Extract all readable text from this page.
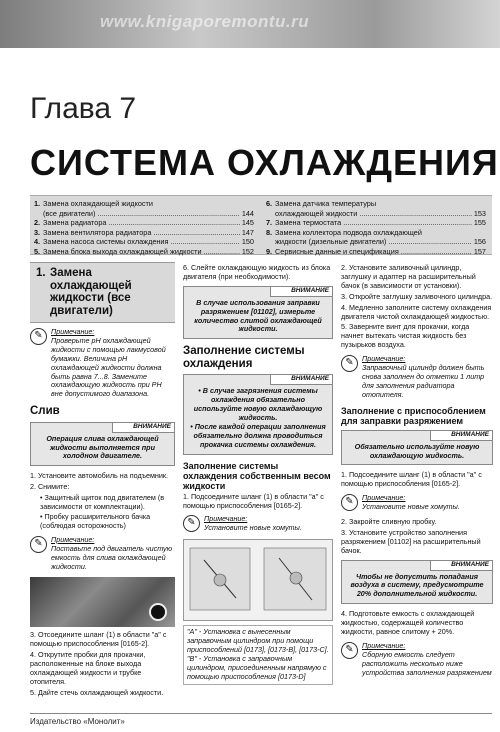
www.knigaporemontu.ru
Глава 7
СИСТЕМА ОХЛАЖДЕНИЯ
1. Замена охлаждающей жидкости
(все двигатели) .....	144
2. Замена радиатора .....	145
3. Замена вентилятора радиатора .....	147
4. Замена насоса системы охлаждения .....	150
5. Замена блока выхода охлаждающей жидкости .....	152
6. Замена датчика температуры
охлаждающей жидкости .....	153
7. Замена термостата .....	155
8. Замена коллектора подвода охлаждающей
жидкости (дизельные двигатели) .....	156
9. Сервисные данные и спецификация .....	157
1. Замена охлаждающей жидкости (все двигатели)
✎	Примечание:
Проверьте pH охлаждающей жидкости с помощью лакмусовой бумажки. Величина pH охлаждающей жидкости должна быть равна 7...8. Замените охлаждающую жидкость при PH вне допустимого диапазона.
Слив
ВНИМАНИЕ
Операция слива охлаждающей жидкости выполняется при холодном двигателе.
1. Установите автомобиль на подъемник.
2. Снимите:
• Защитный щиток под двигателем (в зависимости от комплектации).
• Пробку расширительного бачка (соблюдая осторожность)
✎	Примечание:
Поставьте под двигатель чистую емкость для слива охлаждающей жидкости.
3. Отсоедините шланг (1) в области "a" с помощью приспособления [0165-2].
4. Открутите пробки для прокачки, расположенные на блоке выхода охлаждающей жидкости и трубке отопителя.
5. Дайте стечь охлаждающей жидкости.
6. Слейте охлаждающую жидкость из блока двигателя (при необходимости).
ВНИМАНИЕ
В случае использования заправки разряжением [01102], измерьте количество слитой охлаждающей жидкости.
Заполнение системы охлаждения
ВНИМАНИЕ
• В случае загрязнения системы охлаждения обязательно используйте новую охлаждающую жидкость.
• После каждой операции заполнения обязательно должна проводиться прокачка системы охлаждения.
Заполнение системы охлаждения собственным весом жидкости
1. Подсоедините шланг (1) в области "a" с помощью приспособления [0165-2].
✎	Примечание:
Установите новые хомуты.
"A" - Установка с вынесенным заправочным цилиндром при помощи приспособлений [0173], [0173-B], [0173-C]. "B" - Установка с заправочным цилиндром, присоединенным напрямую с помощью приспособления [0173-D]
2. Установите заливочный цилиндр, заглушку и адаптер на расширительный бачок (в зависимости от установки).
3. Откройте заглушку заливочного цилиндра.
4. Медленно заполните систему охлаждения двигателя чистой охлаждающей жидкостью.
5. Заверните винт для прокачки, когда начнет вытекать чистая жидкость без пузырьков воздуха.
✎	Примечание:
Заправочный цилиндр должен быть снова заполнен до отметки 1 литр для заполнения радиатора отопителя.
Заполнение с приспособлением для заправки разряжением
ВНИМАНИЕ
Обязательно используйте новую охлаждающую жидкость.
1. Подсоедините шланг (1) в области "a" с помощью приспособления [0165-2].
✎	Примечание:
Установите новые хомуты.
2. Закройте сливную пробку.
3. Установите устройство заполнения разряжением [01102] на расширительный бачок.
ВНИМАНИЕ
Чтобы не допустить попадания воздуха в систему, предусмотрите 20% дополнительной жидкости.
4. Подготовьте емкость с охлаждающей жидкостью, содержащей количество жидкости, равное слитому + 20%.
✎	Примечание:
Сборную емкость следует расположить несколько ниже устройства заполнения разряжением
Издательство «Монолит»
